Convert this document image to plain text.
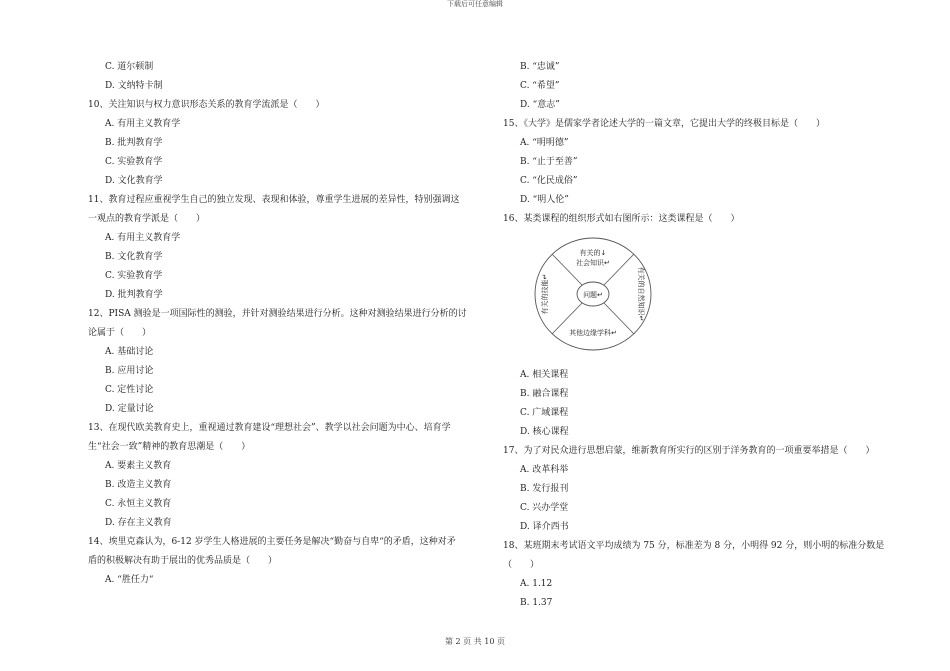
下载后可任意编辑

C. 道尔顿制

D. 文纳特卡制

10、关注知识与权力意识形态关系的教育学流派是（　　）

A. 有用主义教育学

B. 批判教育学

C. 实验教育学

D. 文化教育学

11、教育过程应重视学生自己的独立发现、表现和体验，尊重学生进展的差异性，特别强调这

一观点的教育学派是（　　）

A. 有用主义教育学

B. 文化教育学

C. 实验教育学

D. 批判教育学

12、PISA 测验是一项国际性的测验，并针对测验结果进行分析。这种对测验结果进行分析的讨

论属于（　　）

A. 基础讨论

B. 应用讨论

C. 定性讨论

D. 定量讨论

13、在现代欧美教育史上，重视通过教育建设“理想社会”、教学以社会问题为中心、培育学

生“社会一致”精神的教育思潮是（　　）

A. 要素主义教育

B. 改造主义教育

C. 永恒主义教育

D. 存在主义教育

14、埃里克森认为，6-12 岁学生人格进展的主要任务是解决“勤奋与自卑“的矛盾，这种对矛

盾的积极解决有助于展出的优秀品质是（　　）

A. “胜任力“

B. “忠诚”

C. “希望”

D. “意志”

15、《大学》是儒家学者论述大学的一篇文章，它提出大学的终极目标是（　　）

A. “明明德”

B. “止于至善”

C. “化民成俗”

D. “明人伦”

16、某类课程的组织形式如右图所示：这类课程是（　　）

问题↵
有关的↓
社会知识↵
其他边缘学科↵
有关的技能↵	有关的自然知识↵

A. 相关课程

B. 融合课程

C. 广域课程

D. 核心课程

17、为了对民众进行思想启蒙，维新教育所实行的区别于洋务教育的一项重要举措是（　　）

A. 改革科举

B. 发行报刊

C. 兴办学堂

D. 译介西书

18、某班期末考试语文平均成绩为 75 分，标准差为 8 分，小明得 92 分，则小明的标准分数是

（　　）

A. 1.12

B. 1.37

第 2 页 共 10 页
